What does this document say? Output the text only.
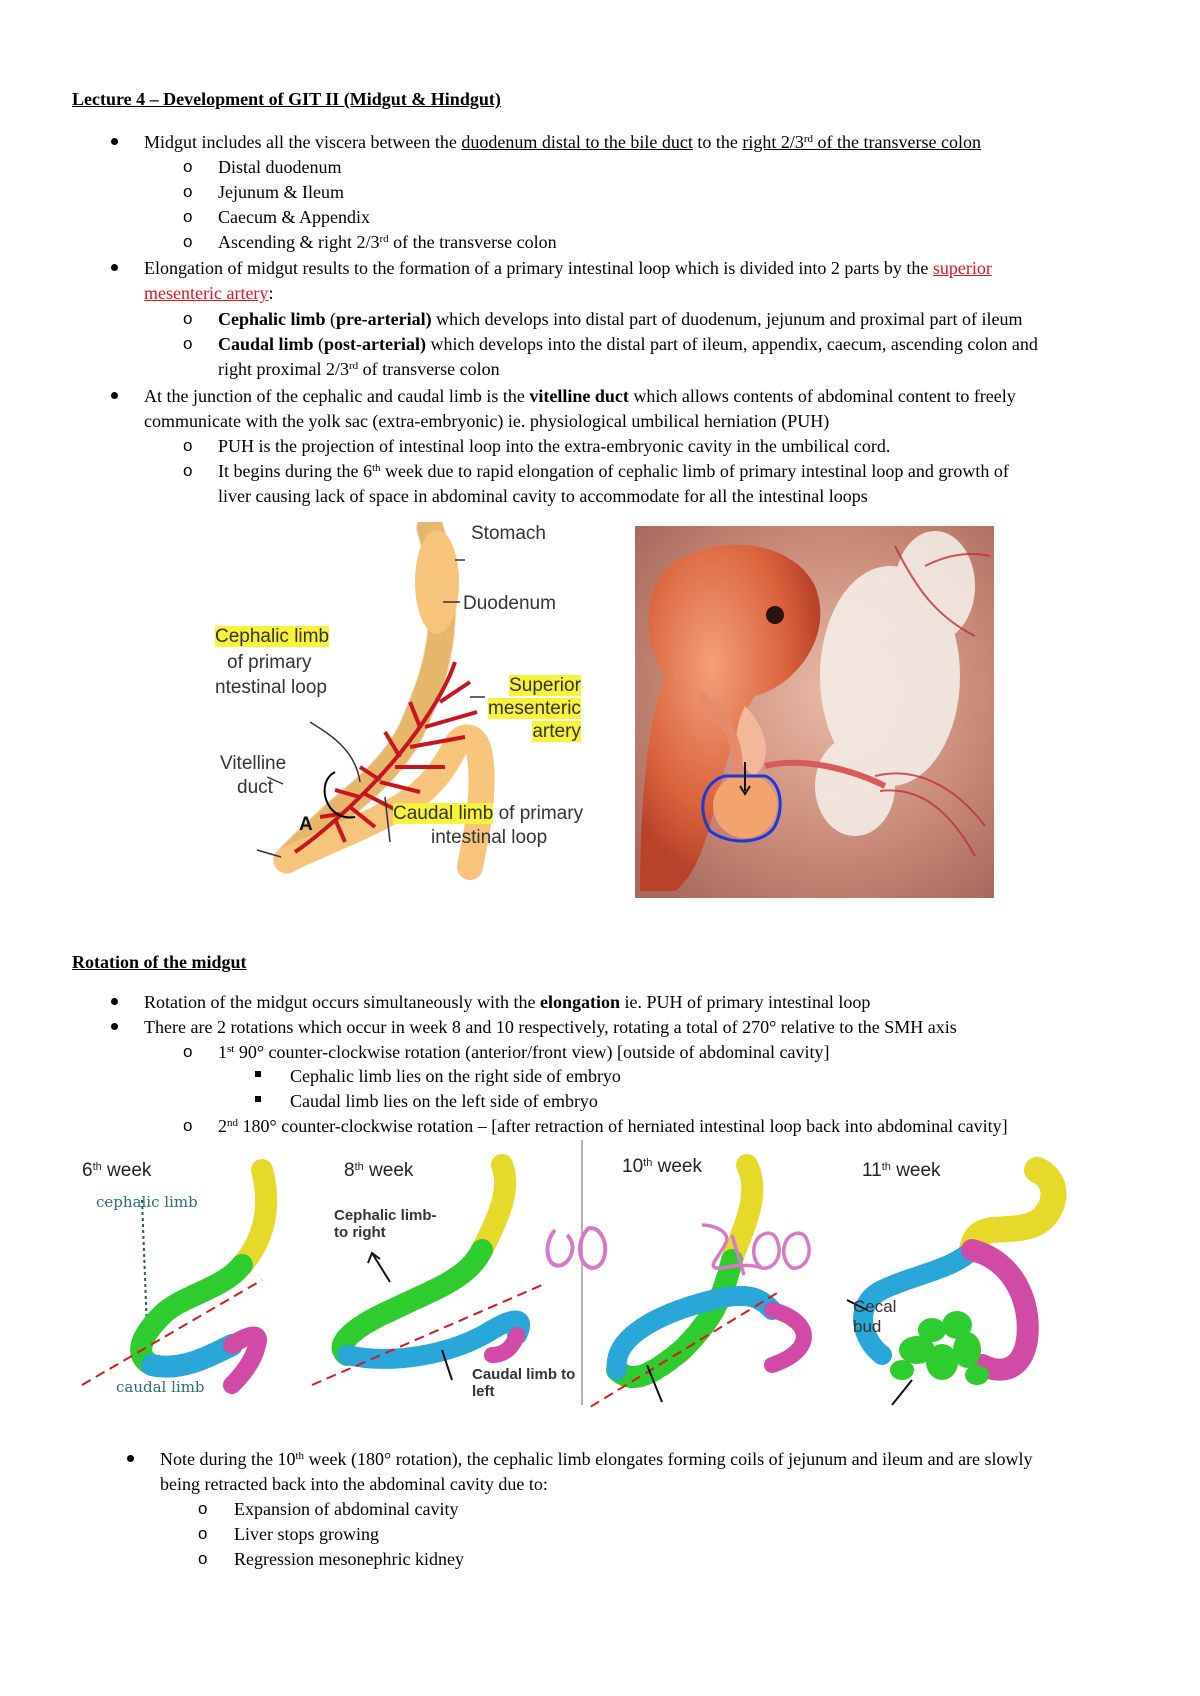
Lecture 4 – Development of GIT II (Midgut & Hindgut)
Midgut includes all the viscera between the duodenum distal to the bile duct to the right 2/3rd of the transverse colon
o Distal duodenum
o Jejunum & Ileum
o Caecum & Appendix
o Ascending & right 2/3rd of the transverse colon
Elongation of midgut results to the formation of a primary intestinal loop which is divided into 2 parts by the superior
mesenteric artery:
o Cephalic limb (pre-arterial) which develops into distal part of duodenum, jejunum and proximal part of ileum
o Caudal limb (post-arterial) which develops into the distal part of ileum, appendix, caecum, ascending colon and
right proximal 2/3rd of transverse colon
At the junction of the cephalic and caudal limb is the vitelline duct which allows contents of abdominal content to freely
communicate with the yolk sac (extra-embryonic) ie. physiological umbilical herniation (PUH)
o PUH is the projection of intestinal loop into the extra-embryonic cavity in the umbilical cord.
o It begins during the 6th week due to rapid elongation of cephalic limb of primary intestinal loop and growth of
liver causing lack of space in abdominal cavity to accommodate for all the intestinal loops
Stomach
Duodenum
Cephalic limb
of primary
ntestinal loop	Superior
mesenteric
artery
Vitelline
duct
A
Caudal limb of primary
intestinal loop
Rotation of the midgut
Rotation of the midgut occurs simultaneously with the elongation ie. PUH of primary intestinal loop
There are 2 rotations which occur in week 8 and 10 respectively, rotating a total of 270° relative to the SMH axis
o 1st 90° counter-clockwise rotation (anterior/front view) [outside of abdominal cavity]
Cephalic limb lies on the right side of embryo
Caudal limb lies on the left side of embryo
o 2nd 180° counter-clockwise rotation – [after retraction of herniated intestinal loop back into abdominal cavity]
6th week	8th week	10th week	11th week
cephalic limb
caudal limb
Cephalic limb-
to right
Caudal limb to
left
Cecal
bud
Note during the 10th week (180° rotation), the cephalic limb elongates forming coils of jejunum and ileum and are slowly
being retracted back into the abdominal cavity due to:
o Expansion of abdominal cavity
o Liver stops growing
o Regression mesonephric kidney
